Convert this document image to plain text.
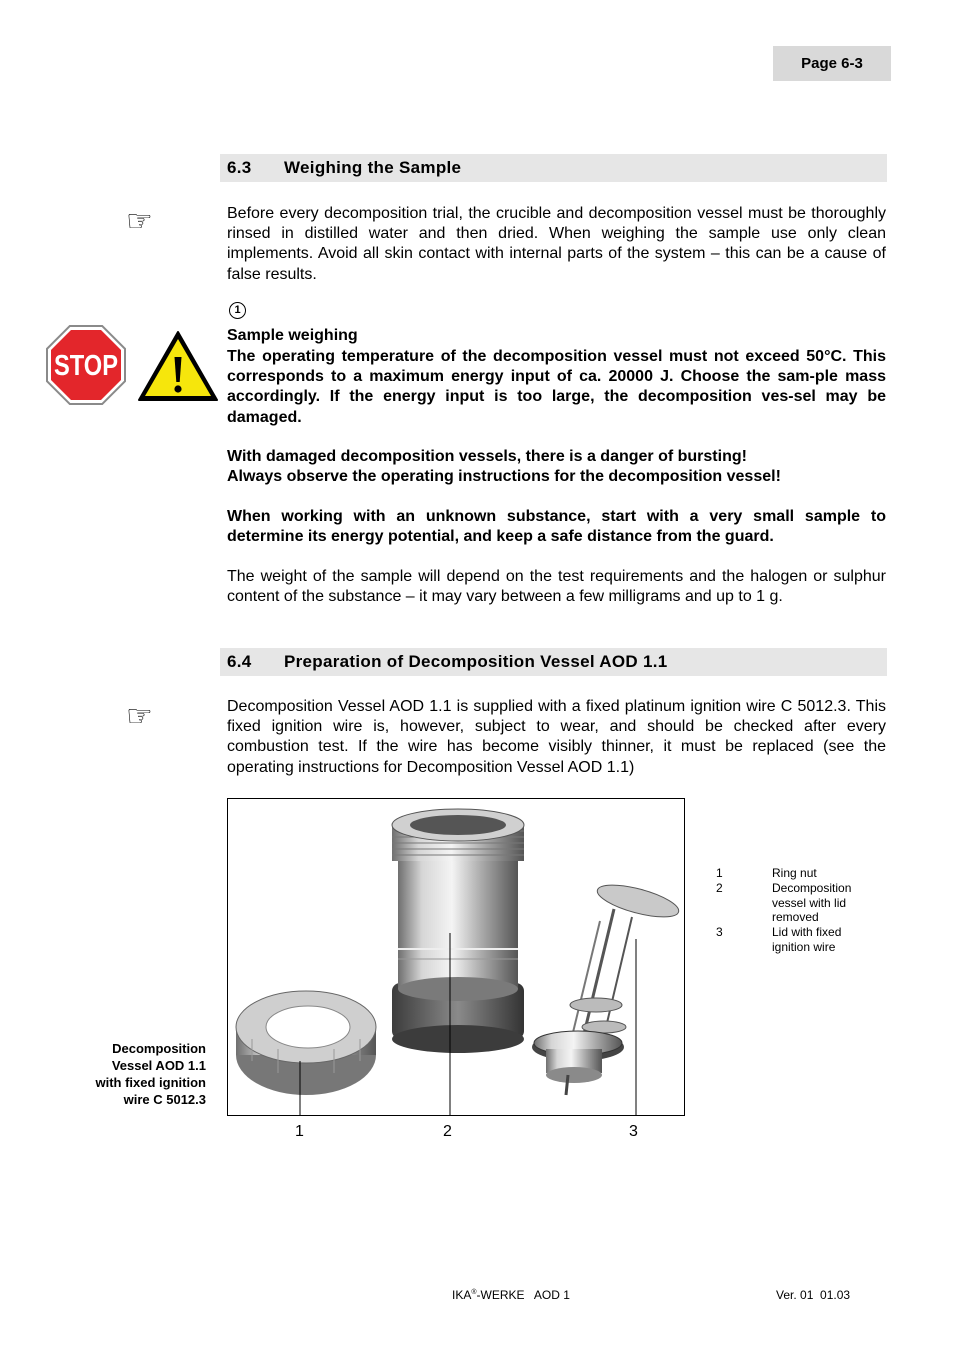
Page 6-3
6.3	Weighing the Sample
☞	Before every decomposition trial, the crucible and decomposition vessel must be thoroughly rinsed in distilled water and then dried. When weighing the sample use only clean implements. Avoid all skin contact with internal parts of the system – this can be a cause of false results.

1
STOP

Sample weighing

The operating temperature of the decomposition vessel must not exceed 50°C. This corresponds to a maximum energy input of ca. 20000 J. Choose the sam-ple mass accordingly. If the energy input is too large, the decomposition ves-sel may be damaged.

With damaged decomposition vessels, there is a danger of bursting!

Always observe the operating instructions for the decomposition vessel!

When working with an unknown substance, start with a very small sample to determine its energy potential, and keep a safe distance from the guard.

The weight of the sample will depend on the test requirements and the halogen or sulphur content of the substance – it may vary between a few milligrams and up to 1 g.

6.4	Preparation of Decomposition Vessel AOD 1.1
☞	Decomposition Vessel AOD 1.1 is supplied with a fixed platinum ignition wire C 5012.3. This fixed ignition wire is, however, subject to wear, and should be checked after every combustion test. If the wire has become visibly thinner, it must be replaced (see the operating instructions for Decomposition Vessel AOD 1.1)

1	2	3
1	Ring nut
2	Decomposition vessel with lid removed
3	Lid with fixed ignition wire
Decomposition
Vessel AOD 1.1
with fixed ignition
wire C 5012.3
IKA®-WERKE   AOD 1	Ver. 01  01.03
